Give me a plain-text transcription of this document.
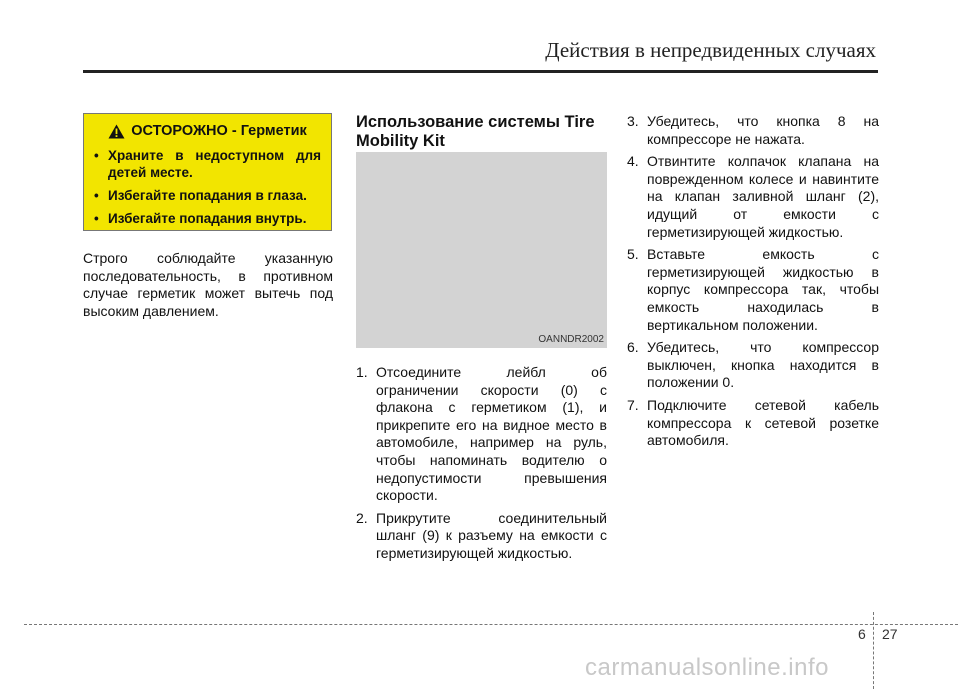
Действия в непредвиденных случаях
ОСТОРОЖНО - Герметик
• Храните в недоступном для детей месте.
• Избегайте попадания в глаза.
• Избегайте попадания внутрь.
Строго соблюдайте указанную последовательность, в противном случае герметик может вытечь под высоким давлением.
Использование системы Tire Mobility Kit
OANNDR2002
1. Отсоедините лейбл об ограничении скорости (0) с флакона с герметиком (1), и прикрепите его на видное место в автомобиле, например на руль, чтобы напоминать водителю о недопустимости превышения скорости.
2. Прикрутите соединительный шланг (9) к разъему на емкости с герметизирующей жидкостью.
3. Убедитесь, что кнопка 8 на компрессоре не нажата.
4. Отвинтите колпачок клапана на поврежденном колесе и навинтите на клапан заливной шланг (2), идущий от емкости с герметизирующей жидкостью.
5. Вставьте емкость с герметизирующей жидкостью в корпус компрессора так, чтобы емкость находилась в вертикальном положении.
6. Убедитесь, что компрессор выключен, кнопка находится в положении 0.
7. Подключите сетевой кабель компрессора к сетевой розетке автомобиля.
6 27
carmanualsonline.info
